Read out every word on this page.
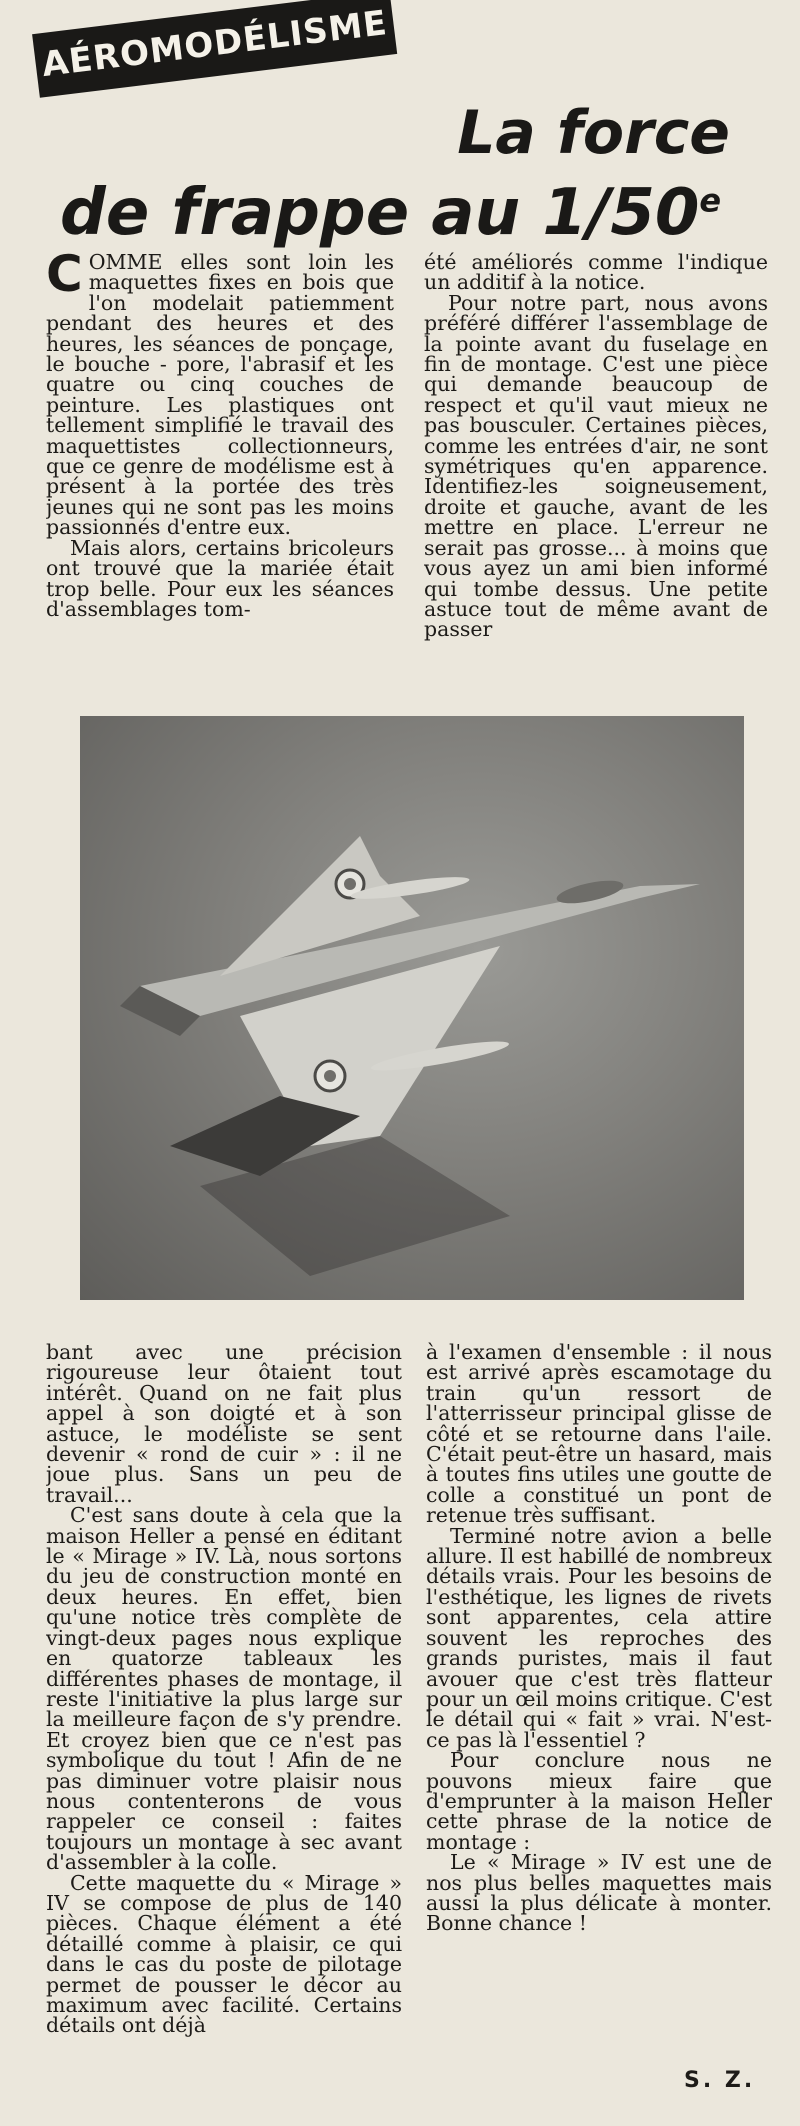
AÉROMODÉLISME
La force
de frappe au 1/50e

COMME elles sont loin les maquettes fixes en bois que l'on modelait patiemment pendant des heures et des heures, les séances de ponçage, le bouche - pore, l'abrasif et les quatre ou cinq couches de peinture. Les plastiques ont tellement simplifié le travail des maquettistes collectionneurs, que ce genre de modélisme est à présent à la portée des très jeunes qui ne sont pas les moins passionnés d'entre eux.

Mais alors, certains bricoleurs ont trouvé que la mariée était trop belle. Pour eux les séances d'assemblages tom-

été améliorés comme l'indique un additif à la notice.

Pour notre part, nous avons préféré différer l'assemblage de la pointe avant du fuselage en fin de montage. C'est une pièce qui demande beaucoup de respect et qu'il vaut mieux ne pas bousculer. Certaines pièces, comme les entrées d'air, ne sont symétriques qu'en apparence. Identifiez-les soigneusement, droite et gauche, avant de les mettre en place. L'erreur ne serait pas grosse... à moins que vous ayez un ami bien informé qui tombe dessus. Une petite astuce tout de même avant de passer

bant avec une précision rigoureuse leur ôtaient tout intérêt. Quand on ne fait plus appel à son doigté et à son astuce, le modéliste se sent devenir « rond de cuir » : il ne joue plus. Sans un peu de travail...

C'est sans doute à cela que la maison Heller a pensé en éditant le « Mirage » IV. Là, nous sortons du jeu de construction monté en deux heures. En effet, bien qu'une notice très complète de vingt-deux pages nous explique en quatorze tableaux les différentes phases de montage, il reste l'initiative la plus large sur la meilleure façon de s'y prendre. Et croyez bien que ce n'est pas symbolique du tout ! Afin de ne pas diminuer votre plaisir nous nous contenterons de vous rappeler ce conseil : faites toujours un montage à sec avant d'assembler à la colle.

Cette maquette du « Mirage » IV se compose de plus de 140 pièces. Chaque élément a été détaillé comme à plaisir, ce qui dans le cas du poste de pilotage permet de pousser le décor au maximum avec facilité. Certains détails ont déjà

à l'examen d'ensemble : il nous est arrivé après escamotage du train qu'un ressort de l'atterrisseur principal glisse de côté et se retourne dans l'aile. C'était peut-être un hasard, mais à toutes fins utiles une goutte de colle a constitué un pont de retenue très suffisant.

Terminé notre avion a belle allure. Il est habillé de nombreux détails vrais. Pour les besoins de l'esthétique, les lignes de rivets sont apparentes, cela attire souvent les reproches des grands puristes, mais il faut avouer que c'est très flatteur pour un œil moins critique. C'est le détail qui « fait » vrai. N'est-ce pas là l'essentiel ?

Pour conclure nous ne pouvons mieux faire que d'emprunter à la maison Heller cette phrase de la notice de montage :

Le « Mirage » IV est une de nos plus belles maquettes mais aussi la plus délicate à monter. Bonne chance !

S. Z.
